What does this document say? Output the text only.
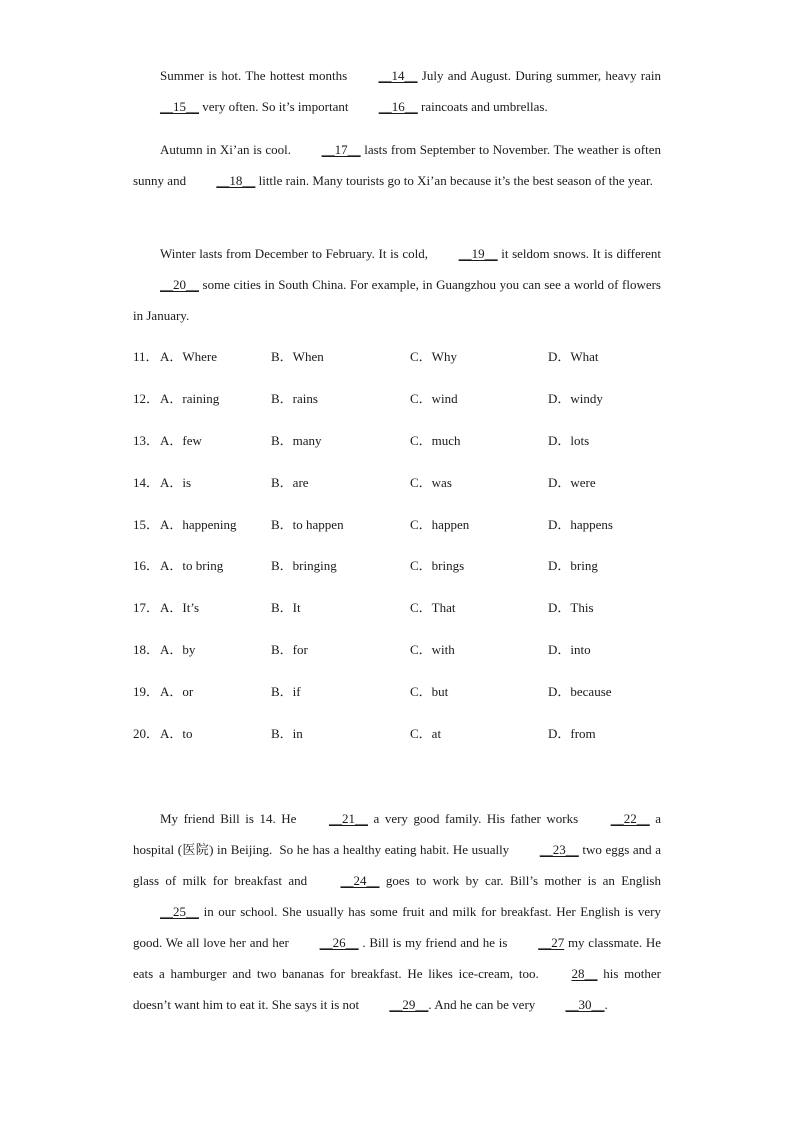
Summer is hot. The hottest months __14__ July and August. During summer, heavy rain __15__ very often. So it’s important __16__ raincoats and umbrellas.

Autumn in Xi’an is cool. __17__ lasts from September to November. The weather is often sunny and __18__ little rain. Many tourists go to Xi’an because it’s the best season of the year.

Winter lasts from December to February. It is cold, __19__ it seldom snows. It is different __20__ some cities in South China. For example, in Guangzhou you can see a world of flowers in January.

11． A．Where	B．When	C．Why	D．What
12． A．raining	B．rains	C．wind	D．windy
13． A．few	B．many	C．much	D．lots
14． A．is	B．are	C．was	D．were
15． A．happening	B．to happen	C．happen	D．happens
16． A．to bring	B．bringing	C．brings	D．bring
17． A．It’s	B．It	C．That	D．This
18． A．by	B．for	C．with	D．into
19． A．or	B．if	C．but	D．because
20． A．to	B．in	C．at	D．from

My friend Bill is 14. He __21__ a very good family. His father works __22__ a hospital (医院) in Beijing.  So he has a healthy eating habit. He usually __23__ two eggs and a glass of milk for breakfast and __24__ goes to work by car. Bill’s mother is an English __25__ in our school. She usually has some fruit and milk for breakfast. Her English is very good. We all love her and her __26__ . Bill is my friend and he is __27 my classmate. He eats a hamburger and two bananas for breakfast. He likes ice-cream, too. 28__ his mother doesn’t want him to eat it. She says it is not __29__. And he can be very __30__.
